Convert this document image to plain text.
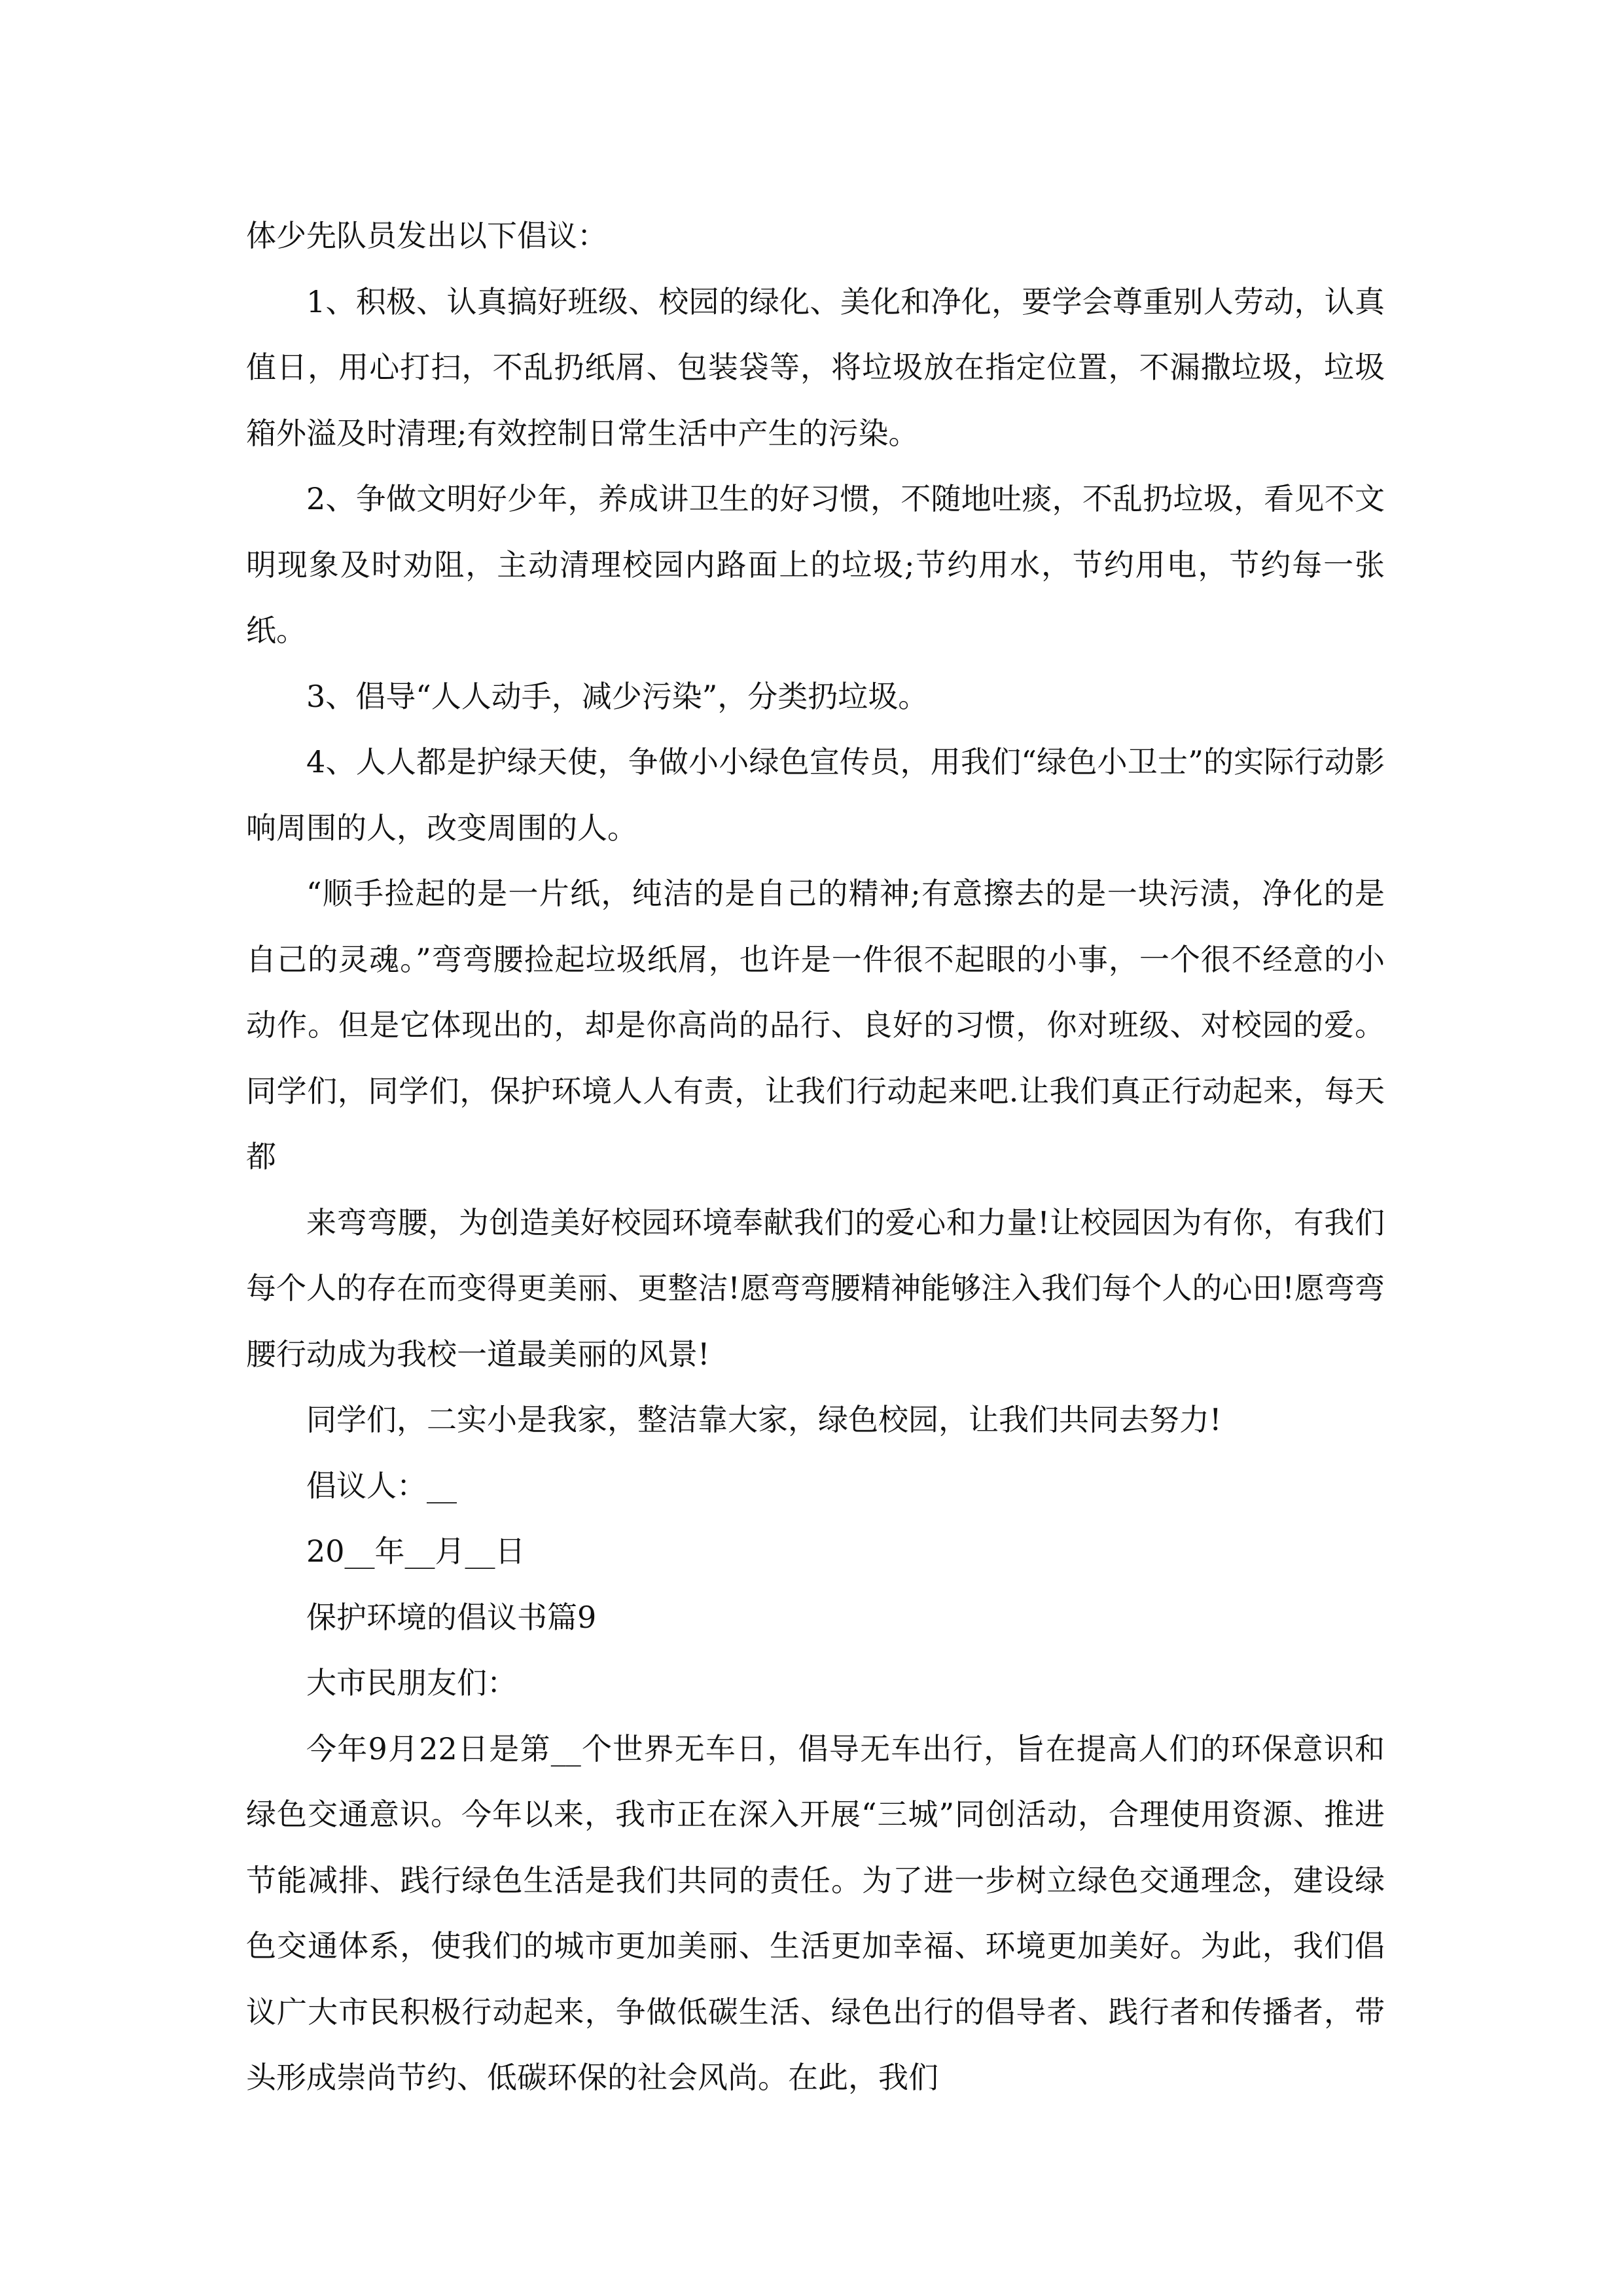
体少先队员发出以下倡议：

1、积极、认真搞好班级、校园的绿化、美化和净化，要学会尊重别人劳动，认真值日，用心打扫，不乱扔纸屑、包装袋等，将垃圾放在指定位置，不漏撒垃圾，垃圾箱外溢及时清理;有效控制日常生活中产生的污染。

2、争做文明好少年，养成讲卫生的好习惯，不随地吐痰，不乱扔垃圾，看见不文明现象及时劝阻，主动清理校园内路面上的垃圾;节约用水，节约用电，节约每一张纸。

3、倡导“人人动手，减少污染”，分类扔垃圾。

4、人人都是护绿天使，争做小小绿色宣传员，用我们“绿色小卫士”的实际行动影响周围的人，改变周围的人。

“顺手捡起的是一片纸，纯洁的是自己的精神;有意擦去的是一块污渍，净化的是自己的灵魂。”弯弯腰捡起垃圾纸屑，也许是一件很不起眼的小事，一个很不经意的小动作。但是它体现出的，却是你高尚的品行、良好的习惯，你对班级、对校园的爱。同学们，同学们，保护环境人人有责，让我们行动起来吧.让我们真正行动起来，每天都

来弯弯腰，为创造美好校园环境奉献我们的爱心和力量!让校园因为有你，有我们每个人的存在而变得更美丽、更整洁!愿弯弯腰精神能够注入我们每个人的心田!愿弯弯腰行动成为我校一道最美丽的风景!

同学们，二实小是我家，整洁靠大家，绿色校园，让我们共同去努力!

倡议人：__

20__年__月__日

保护环境的倡议书篇9

大市民朋友们：

今年9月22日是第__个世界无车日，倡导无车出行，旨在提高人们的环保意识和绿色交通意识。今年以来，我市正在深入开展“三城”同创活动，合理使用资源、推进节能减排、践行绿色生活是我们共同的责任。为了进一步树立绿色交通理念，建设绿色交通体系，使我们的城市更加美丽、生活更加幸福、环境更加美好。为此，我们倡议广大市民积极行动起来，争做低碳生活、绿色出行的倡导者、践行者和传播者，带头形成崇尚节约、低碳环保的社会风尚。在此，我们
